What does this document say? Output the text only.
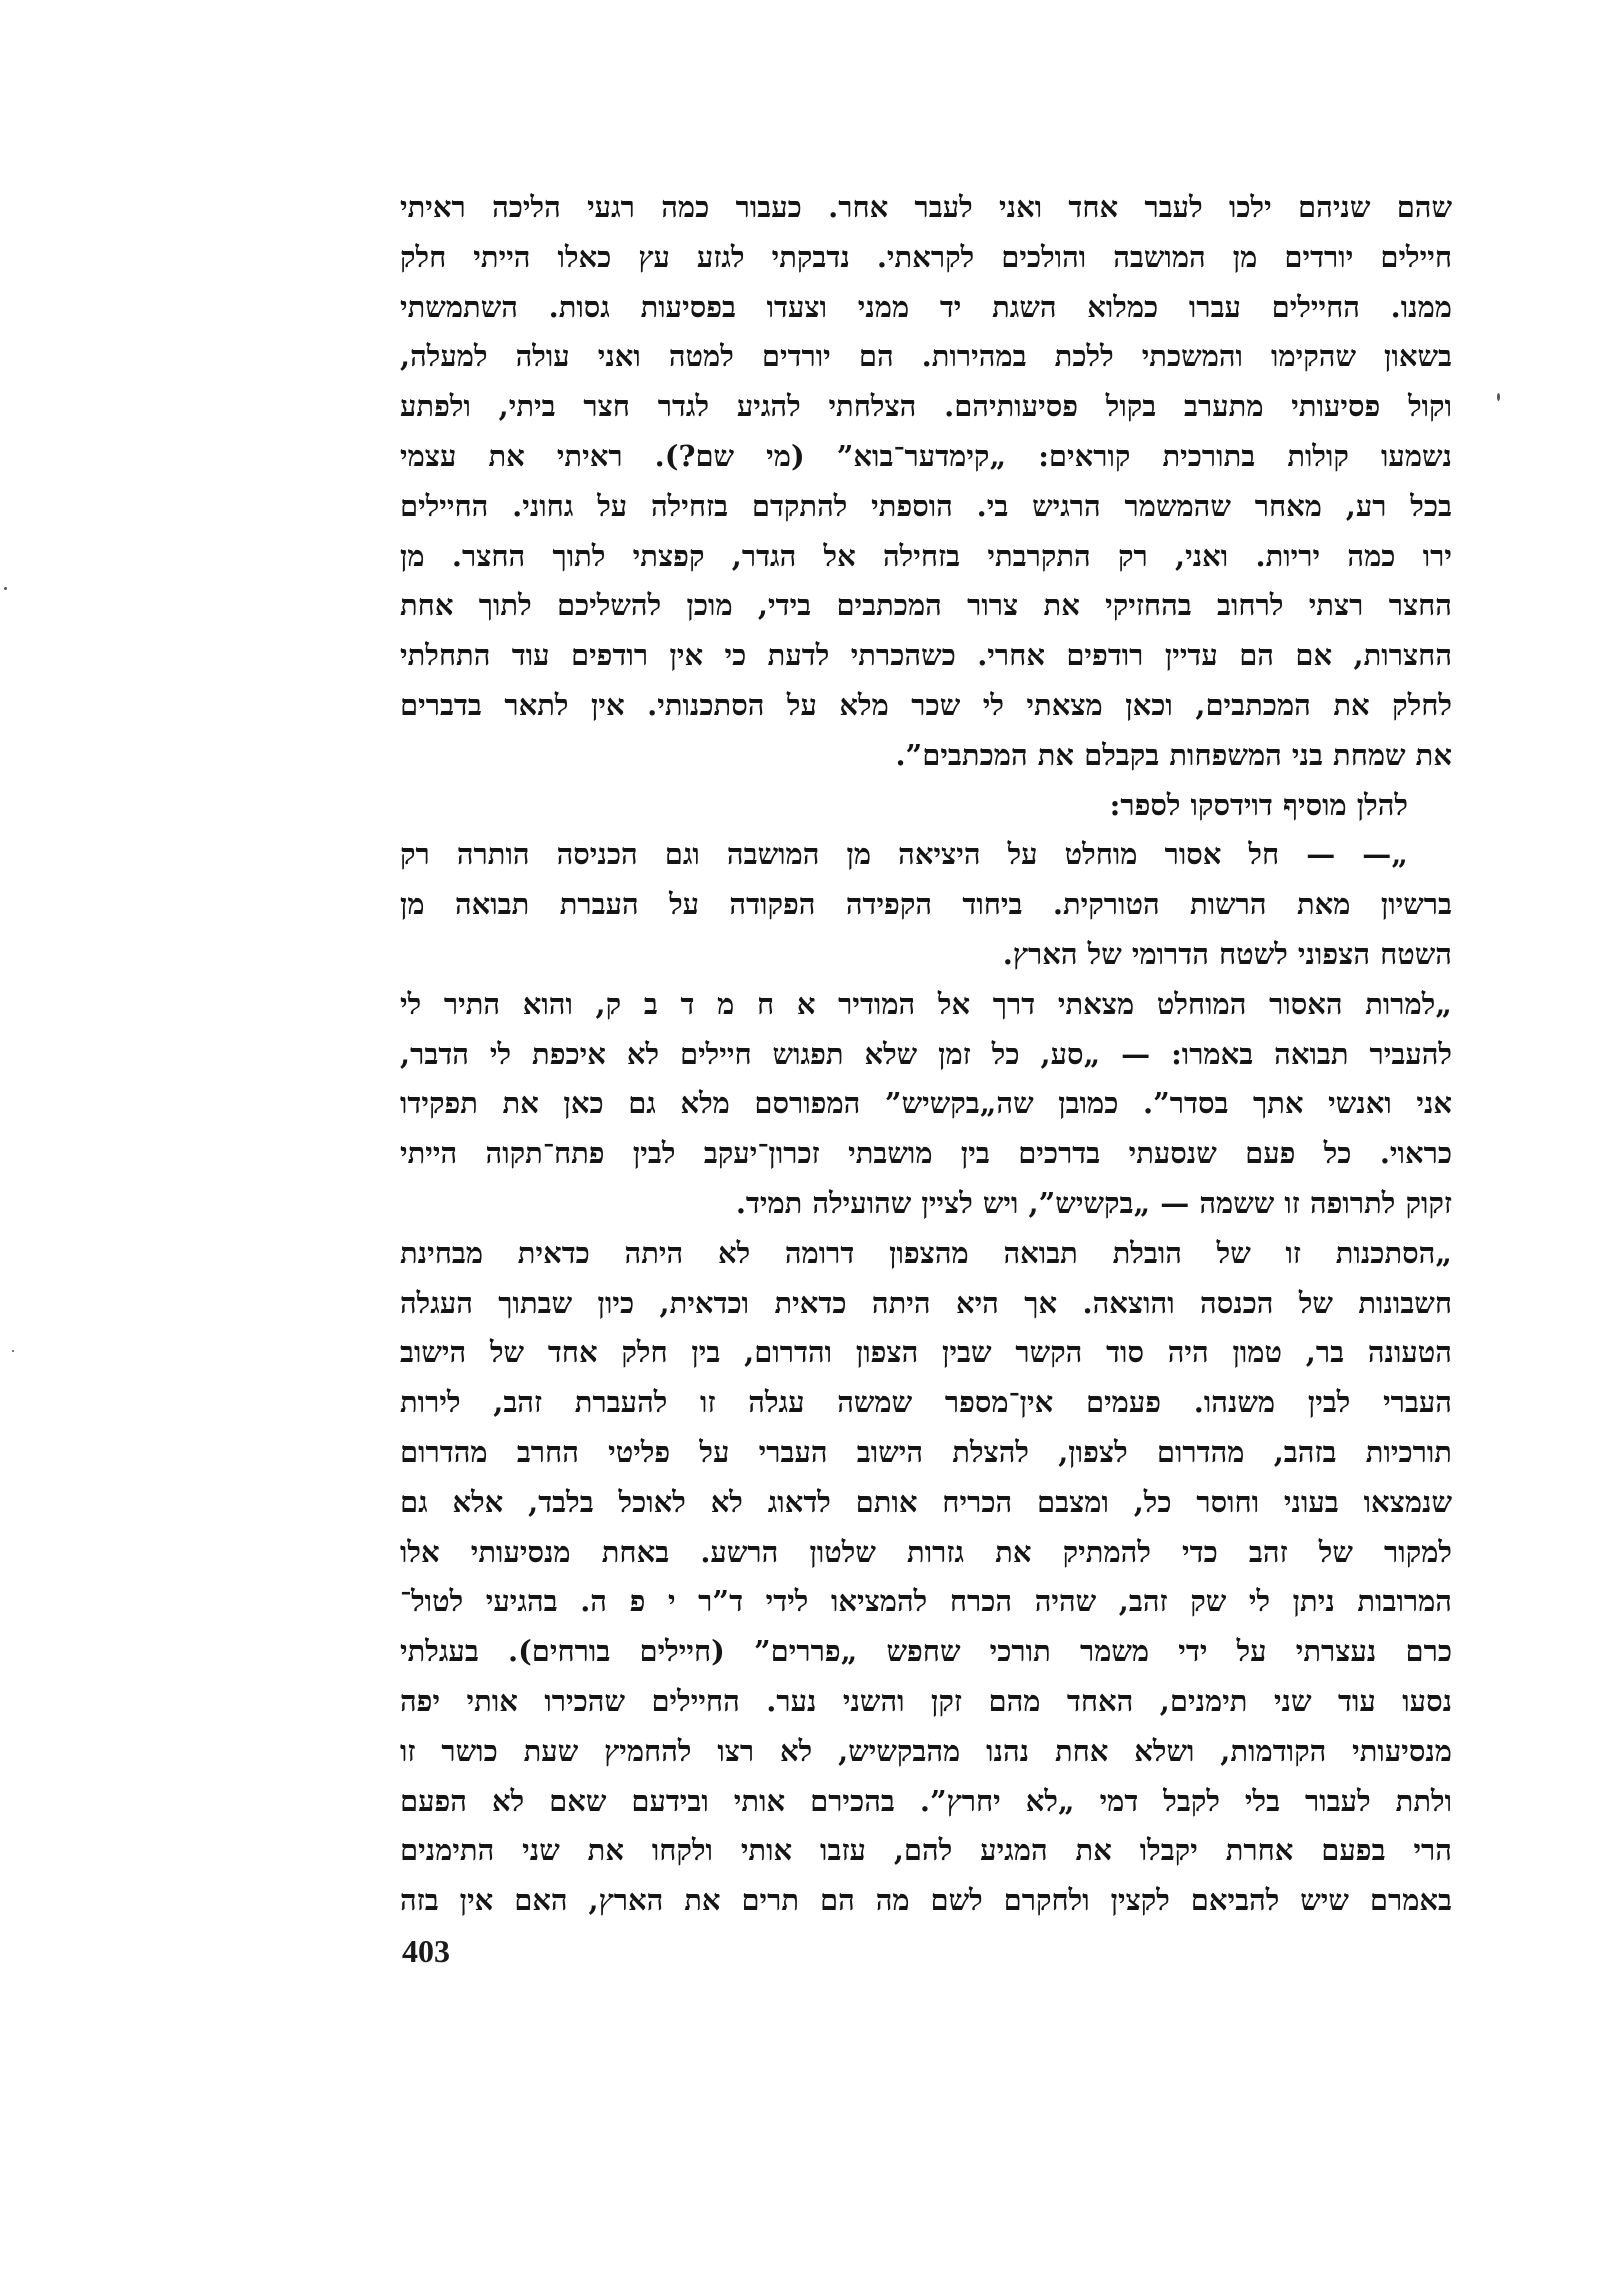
שהם שניהם ילכו לעבר אחד ואני לעבר אחר. כעבור כמה רגעי הליכה ראיתי
חיילים יורדים מן המושבה והולכים לקראתי. נדבקתי לגזע עץ כאלו הייתי חלק
ממנו. החיילים עברו כמלוא השגת יד ממני וצעדו בפסיעות גסות. השתמשתי
בשאון שהקימו והמשכתי ללכת במהירות. הם יורדים למטה ואני עולה למעלה,
וקול פסיעותי מתערב בקול פסיעותיהם. הצלחתי להגיע לגדר חצר ביתי, ולפתע
נשמעו קולות בתורכית קוראים: „קימדער־בוא” (מי שם?). ראיתי את עצמי
בכל רע, מאחר שהמשמר הרגיש בי. הוספתי להתקדם בזחילה על גחוני. החיילים
ירו כמה יריות. ואני, רק התקרבתי בזחילה אל הגדר, קפצתי לתוך החצר. מן
החצר רצתי לרחוב בהחזיקי את צרור המכתבים בידי, מוכן להשליכם לתוך אחת
החצרות, אם הם עדיין רודפים אחרי. כשהכרתי לדעת כי אין רודפים עוד התחלתי
לחלק את המכתבים, וכאן מצאתי לי שכר מלא על הסתכנותי. אין לתאר בדברים
את שמחת בני המשפחות בקבלם את המכתבים”.
להלן מוסיף דוידסקו לספר:
„— — חל אסור מוחלט על היציאה מן המושבה וגם הכניסה הותרה רק
ברשיון מאת הרשות הטורקית. ביחוד הקפידה הפקודה על העברת תבואה מן
השטח הצפוני לשטח הדרומי של הארץ.
„למרות האסור המוחלט מצאתי דרך אל המודיר א ח מ ד ב ק, והוא התיר לי
להעביר תבואה באמרו: — „סע, כל זמן שלא תפגוש חיילים לא איכפת לי הדבר,
אני ואנשי אתך בסדר”. כמובן שה„בקשיש” המפורסם מלא גם כאן את תפקידו
כראוי. כל פעם שנסעתי בדרכים בין מושבתי זכרון־יעקב לבין פתח־תקוה הייתי
זקוק לתרופה זו ששמה — „בקשיש”, ויש לציין שהועילה תמיד.
„הסתכנות זו של הובלת תבואה מהצפון דרומה לא היתה כדאית מבחינת
חשבונות של הכנסה והוצאה. אך היא היתה כדאית וכדאית, כיון שבתוך העגלה
הטעונה בר, טמון היה סוד הקשר שבין הצפון והדרום, בין חלק אחד של הישוב
העברי לבין משנהו. פעמים אין־מספר שמשה עגלה זו להעברת זהב, לירות
תורכיות בזהב, מהדרום לצפון, להצלת הישוב העברי על פליטי החרב מהדרום
שנמצאו בעוני וחוסר כל, ומצבם הכריח אותם לדאוג לא לאוכל בלבד, אלא גם
למקור של זהב כדי להמתיק את גזרות שלטון הרשע. באחת מנסיעותי אלו
המרובות ניתן לי שק זהב, שהיה הכרח להמציאו לידי ד”ר י פ ה. בהגיעי לטול־
כרם נעצרתי על ידי משמר תורכי שחפש „פררים” (חיילים בורחים). בעגלתי
נסעו עוד שני תימנים, האחד מהם זקן והשני נער. החיילים שהכירו אותי יפה
מנסיעותי הקודמות, ושלא אחת נהנו מהבקשיש, לא רצו להחמיץ שעת כושר זו
ולתת לעבור בלי לקבל דמי „לא יחרץ”. בהכירם אותי ובידעם שאם לא הפעם
הרי בפעם אחרת יקבלו את המגיע להם, עזבו אותי ולקחו את שני התימנים
באמרם שיש להביאם לקצין ולחקרם לשם מה הם תרים את הארץ, האם אין בזה
403
